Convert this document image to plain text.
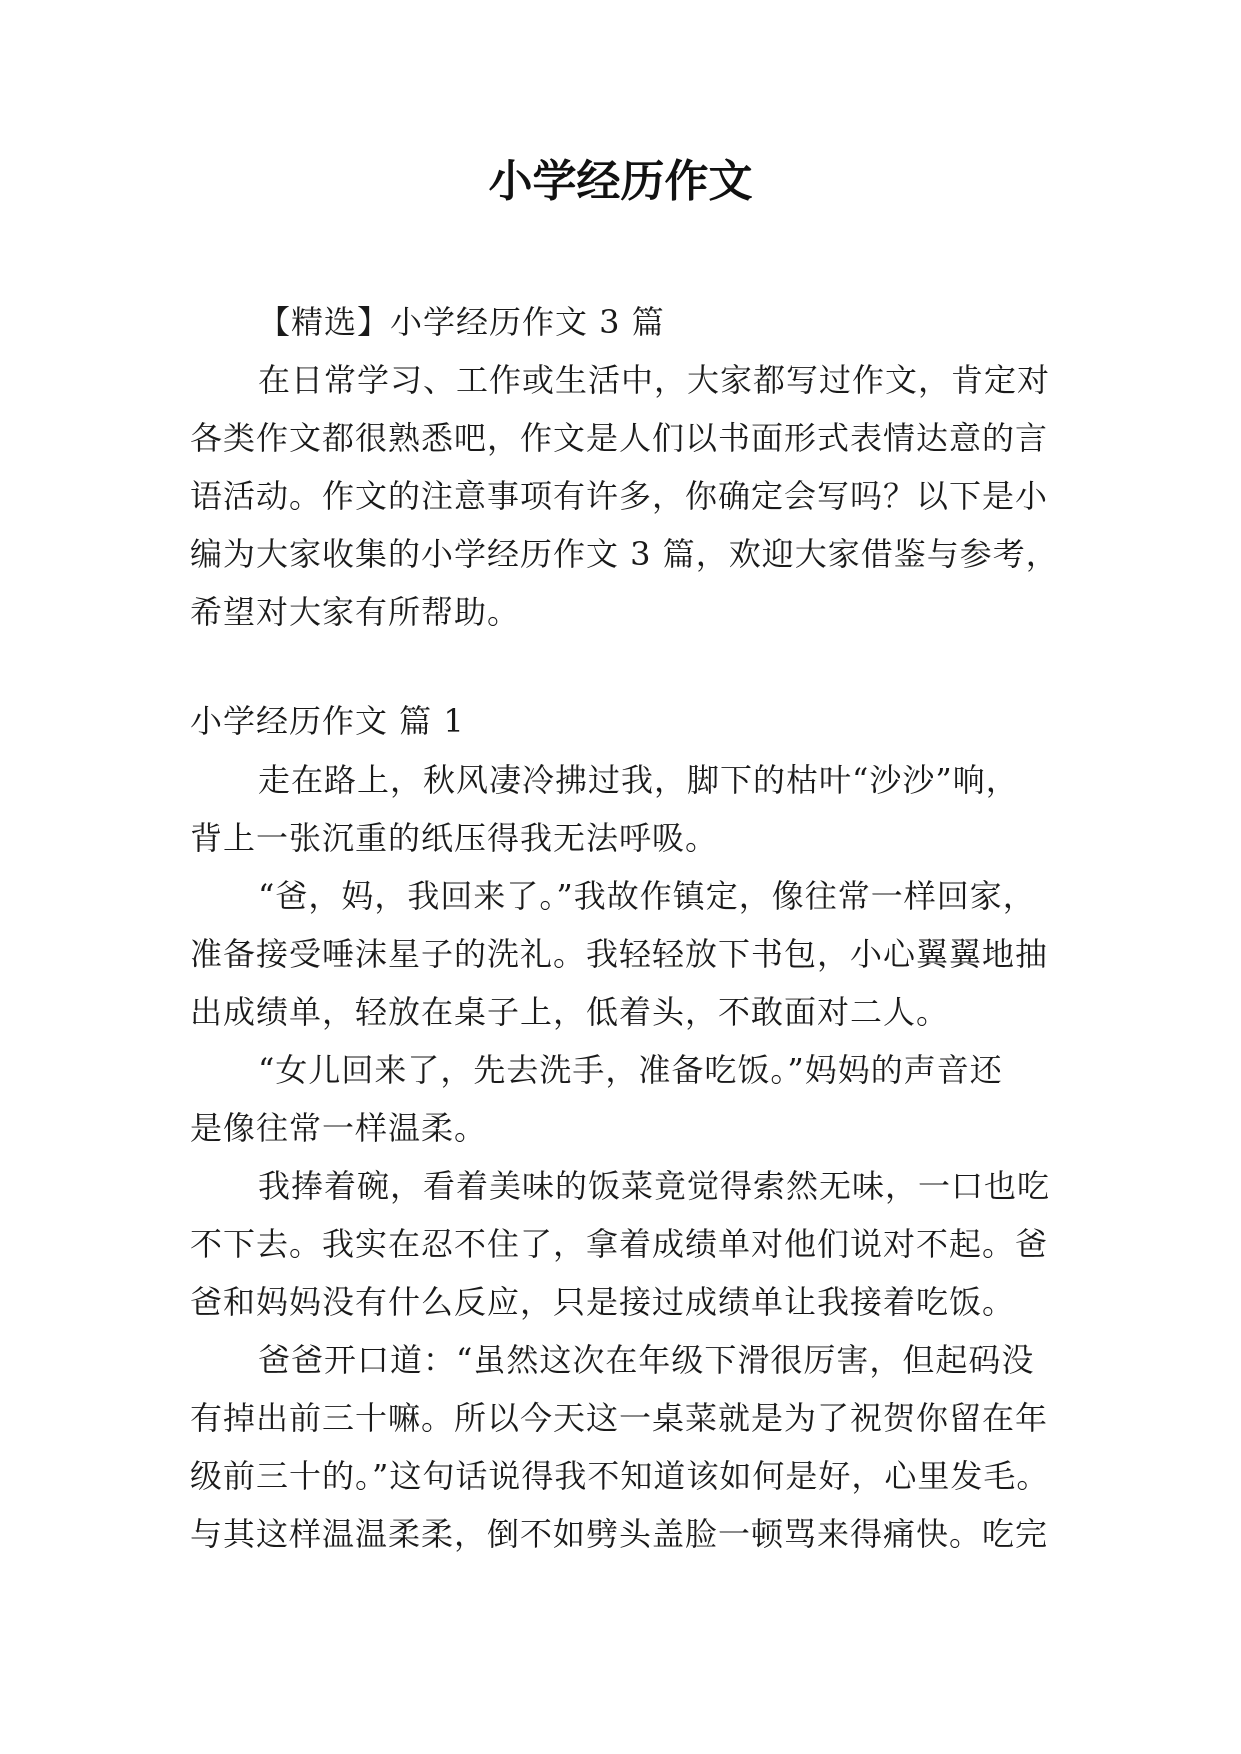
小学经历作文
【精选】小学经历作文 3 篇
在日常学习、工作或生活中，大家都写过作文，肯定对
各类作文都很熟悉吧，作文是人们以书面形式表情达意的言
语活动。作文的注意事项有许多，你确定会写吗？以下是小
编为大家收集的小学经历作文 3 篇，欢迎大家借鉴与参考，
希望对大家有所帮助。
小学经历作文 篇 1
走在路上，秋风凄冷拂过我，脚下的枯叶“沙沙”响，
背上一张沉重的纸压得我无法呼吸。
“爸，妈，我回来了。”我故作镇定，像往常一样回家，
准备接受唾沫星子的洗礼。我轻轻放下书包，小心翼翼地抽
出成绩单，轻放在桌子上，低着头，不敢面对二人。
“女儿回来了，先去洗手，准备吃饭。”妈妈的声音还
是像往常一样温柔。
我捧着碗，看着美味的饭菜竟觉得索然无味，一口也吃
不下去。我实在忍不住了，拿着成绩单对他们说对不起。爸
爸和妈妈没有什么反应，只是接过成绩单让我接着吃饭。
爸爸开口道：“虽然这次在年级下滑很厉害，但起码没
有掉出前三十嘛。所以今天这一桌菜就是为了祝贺你留在年
级前三十的。”这句话说得我不知道该如何是好，心里发毛。
与其这样温温柔柔，倒不如劈头盖脸一顿骂来得痛快。吃完
